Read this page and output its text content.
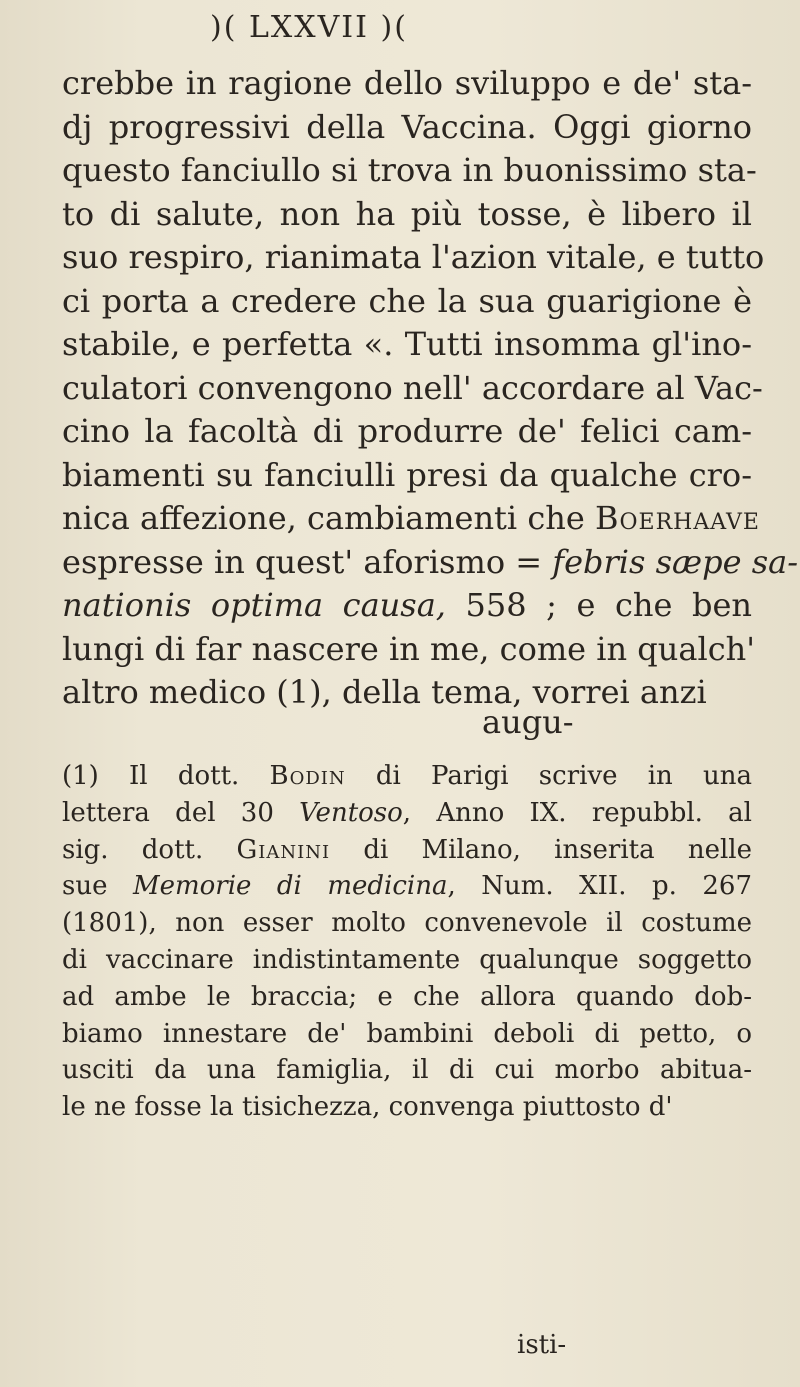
)( LXXVII )(
crebbe in ragione dello sviluppo e de' sta-
dj progressivi della Vaccina. Oggi giorno
questo fanciullo si trova in buonissimo sta-
to di salute, non ha più tosse, è libero il
suo respiro, rianimata l'azion vitale, e tutto
ci porta a credere che la sua guarigione è
stabile, e perfetta «. Tutti insomma gl'ino-
culatori convengono nell' accordare al Vac-
cino la facoltà di produrre de' felici cam-
biamenti su fanciulli presi da qualche cro-
nica affezione, cambiamenti che Boerhaave
espresse in quest' aforismo = febris sæpe sa-
nationis optima causa, 558 ; e che ben
lungi di far nascere in me, come in qualch'
altro medico (1), della tema, vorrei anzi
augu-
(1) Il dott. Bodin di Parigi scrive in una
lettera del 30 Ventoso, Anno IX. repubbl. al
sig. dott. Gianini di Milano, inserita nelle
sue Memorie di medicina, Num. XII. p. 267
(1801), non esser molto convenevole il costume
di vaccinare indistintamente qualunque soggetto
ad ambe le braccia; e che allora quando dob-
biamo innestare de' bambini deboli di petto, o
usciti da una famiglia, il di cui morbo abitua-
le ne fosse la tisichezza, convenga piuttosto d'
isti-
